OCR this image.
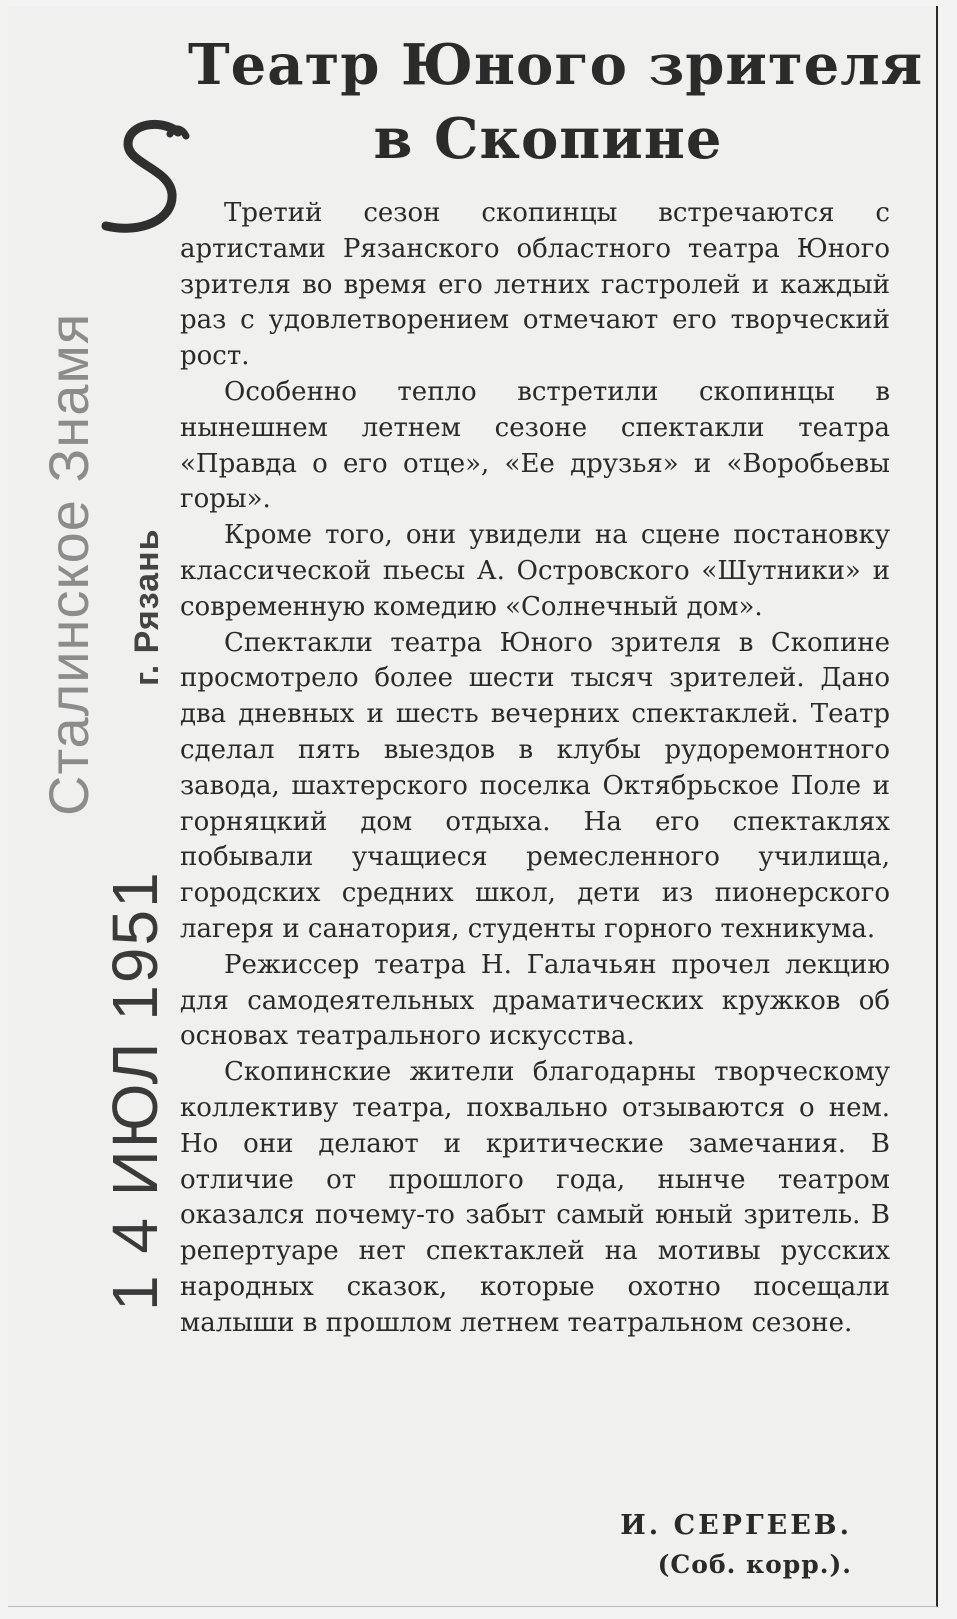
Театр Юного зрителя
в Скопине

Третий сезон скопинцы встречаются с артистами Рязанского областного театра Юного зрителя во время его летних гастролей и каждый раз с удовлетворением отмечают его творческий рост.

Особенно тепло встретили скопинцы в нынешнем летнем сезоне спектакли театра «Правда о его отце», «Ее друзья» и «Воробьевы горы».

Кроме того, они увидели на сцене постановку классической пьесы А. Островского «Шутники» и современную комедию «Солнечный дом».

Спектакли театра Юного зрителя в Скопине просмотрело более шести тысяч зрителей. Дано два дневных и шесть вечерних спектаклей. Театр сделал пять выездов в клубы рудоремонтного завода, шахтерского поселка Октябрьское Поле и горняцкий дом отдыха. На его спектаклях побывали учащиеся ремесленного училища, городских средних школ, дети из пионерского лагеря и санатория, студенты горного техникума.

Режиссер театра Н. Галачьян прочел лекцию для самодеятельных драматических кружков об основах театрального искусства.

Скопинские жители благодарны творческому коллективу театра, похвально отзываются о нем. Но они делают и критические замечания. В отличие от прошлого года, нынче театром оказался почему-то забыт самый юный зритель. В репертуаре нет спектаклей на мотивы русских народных сказок, которые охотно посещали малыши в прошлом летнем театральном сезоне.

И. СЕРГЕЕВ.
(Соб. корр.).
Сталинское Знамя г. Рязань
1 4 ИЮЛ 1951
